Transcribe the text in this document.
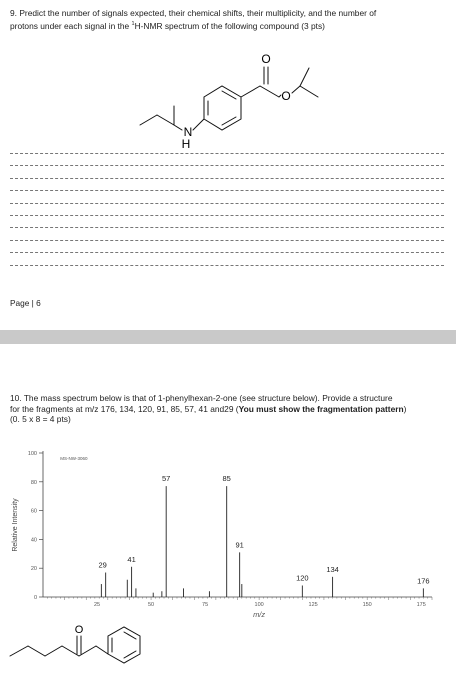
9. Predict the number of signals expected, their chemical shifts, their multiplicity, and the number of
protons under each signal in the $^1$H-NMR spectrum of the following compound (3 pts)
O
O
N
H
Page | 6
10. The mass spectrum below is that of 1-phenylhexan-2-one (see structure below). Provide a structure
for the fragments at m/z 176, 134, 120, 91, 85, 57, 41 and29 (You must show the fragmentation pattern)
(0. 5 x 8 = 4 pts)
0
20
40
60
80
100
25	50	75	100	125	150	175
Relative Intensity
m/z
MS-NW-3060
29
41
57	85
91
120
134
176
O
